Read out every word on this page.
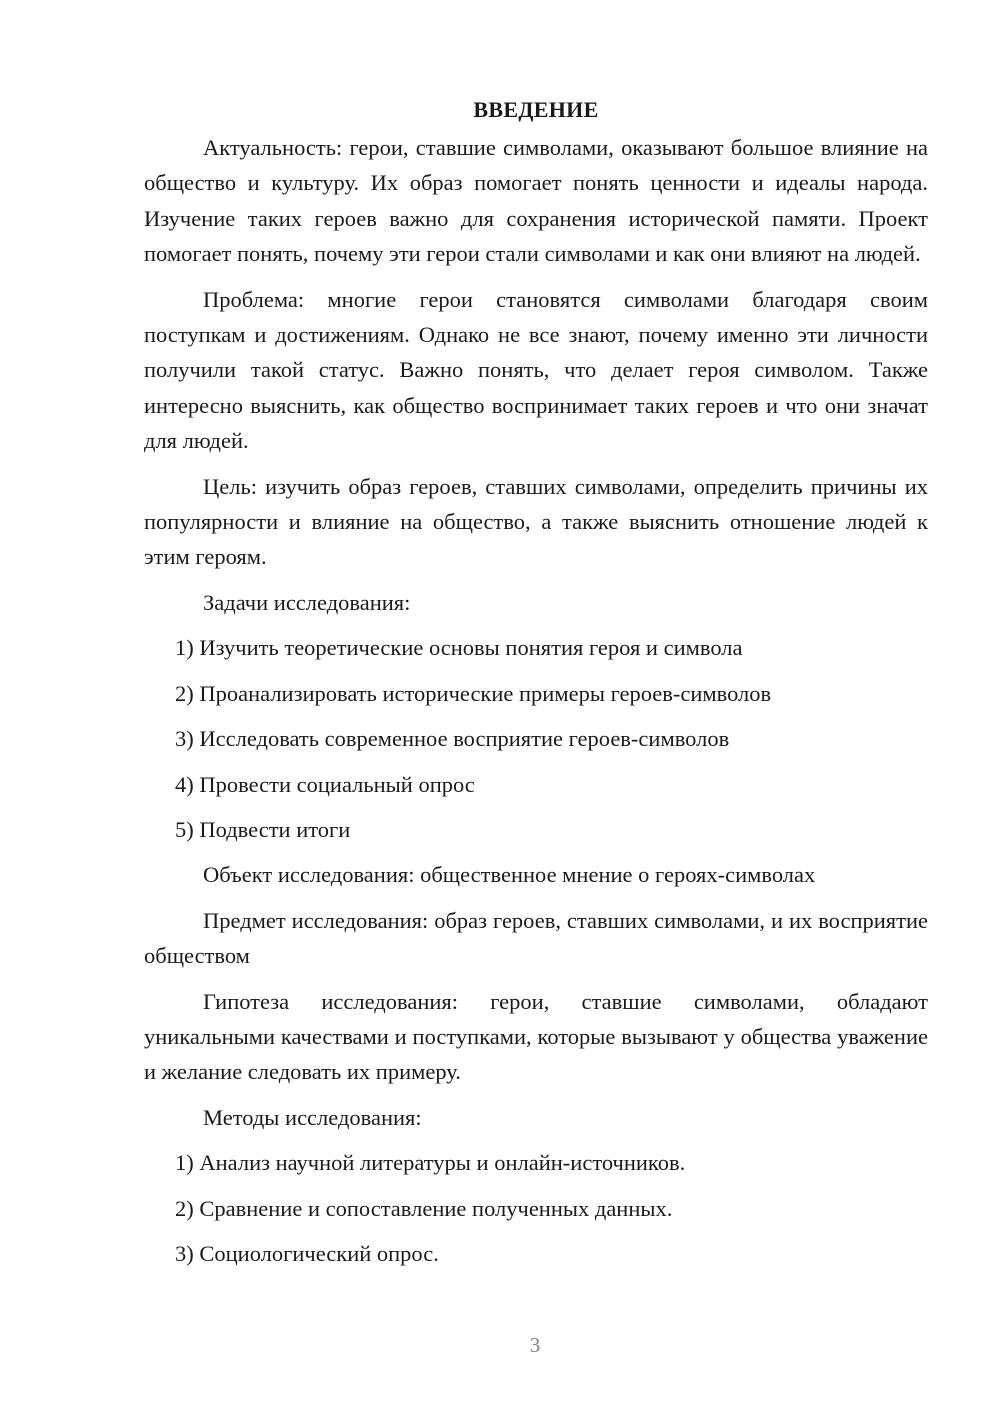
ВВЕДЕНИЕ

Актуальность: герои, ставшие символами, оказывают большое влияние на общество и культуру. Их образ помогает понять ценности и идеалы народа. Изучение таких героев важно для сохранения исторической памяти. Проект помогает понять, почему эти герои стали символами и как они влияют на людей.

Проблема: многие герои становятся символами благодаря своим поступкам и достижениям. Однако не все знают, почему именно эти личности получили такой статус. Важно понять, что делает героя символом. Также интересно выяснить, как общество воспринимает таких героев и что они значат для людей.

Цель: изучить образ героев, ставших символами, определить причины их популярности и влияние на общество, а также выяснить отношение людей к этим героям.

Задачи исследования:

1) Изучить теоретические основы понятия героя и символа
2) Проанализировать исторические примеры героев-символов
3) Исследовать современное восприятие героев-символов
4) Провести социальный опрос
5) Подвести итоги

Объект исследования: общественное мнение о героях-символах

Предмет исследования: образ героев, ставших символами, и их восприятие обществом

Гипотеза исследования: герои, ставшие символами, обладают уникальными качествами и поступками, которые вызывают у общества уважение и желание следовать их примеру.

Методы исследования:

1) Анализ научной литературы и онлайн-источников.
2) Сравнение и сопоставление полученных данных.
3) Социологический опрос.
3
